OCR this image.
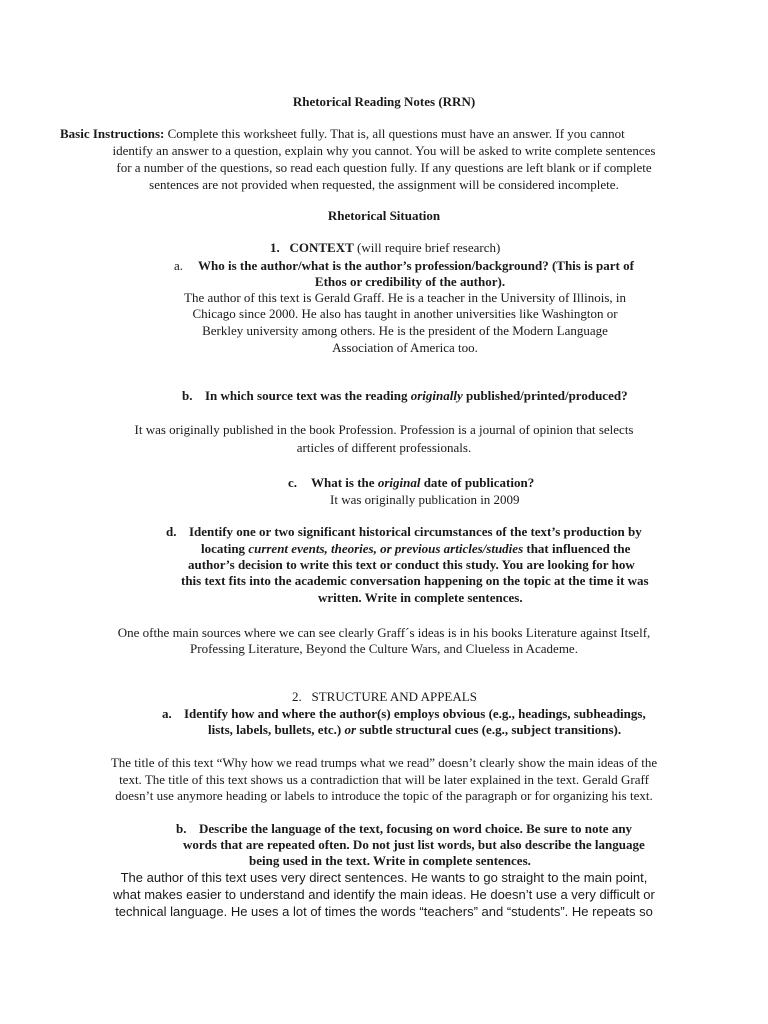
Rhetorical Reading Notes (RRN)
Basic Instructions: Complete this worksheet fully. That is, all questions must have an answer. If you cannot
identify an answer to a question, explain why you cannot. You will be asked to write complete sentences
for a number of the questions, so read each question fully. If any questions are left blank or if complete
sentences are not provided when requested, the assignment will be considered incomplete.
Rhetorical Situation
1. CONTEXT (will require brief research)
a. Who is the author/what is the author’s profession/background? (This is part of
Ethos or credibility of the author).
The author of this text is Gerald Graff. He is a teacher in the University of Illinois, in
Chicago since 2000. He also has taught in another universities like Washington or
Berkley university among others. He is the president of the Modern Language
Association of America too.
b. In which source text was the reading originally published/printed/produced?
It was originally published in the book Profession. Profession is a journal of opinion that selects
articles of different professionals.
c. What is the original date of publication?
It was originally publication in 2009
d. Identify one or two significant historical circumstances of the text’s production by
locating current events, theories, or previous articles/studies that influenced the
author’s decision to write this text or conduct this study. You are looking for how
this text fits into the academic conversation happening on the topic at the time it was
written. Write in complete sentences.
One ofthe main sources where we can see clearly Graff´s ideas is in his books Literature against Itself,
Professing Literature, Beyond the Culture Wars, and Clueless in Academe.
2. STRUCTURE AND APPEALS
a. Identify how and where the author(s) employs obvious (e.g., headings, subheadings,
lists, labels, bullets, etc.) or subtle structural cues (e.g., subject transitions).
The title of this text “Why how we read trumps what we read” doesn’t clearly show the main ideas of the
text. The title of this text shows us a contradiction that will be later explained in the text. Gerald Graff
doesn’t use anymore heading or labels to introduce the topic of the paragraph or for organizing his text.
b. Describe the language of the text, focusing on word choice. Be sure to note any
words that are repeated often. Do not just list words, but also describe the language
being used in the text. Write in complete sentences.
The author of this text uses very direct sentences. He wants to go straight to the main point,
what makes easier to understand and identify the main ideas. He doesn’t use a very difficult or
technical language. He uses a lot of times the words “teachers” and “students”. He repeats so
